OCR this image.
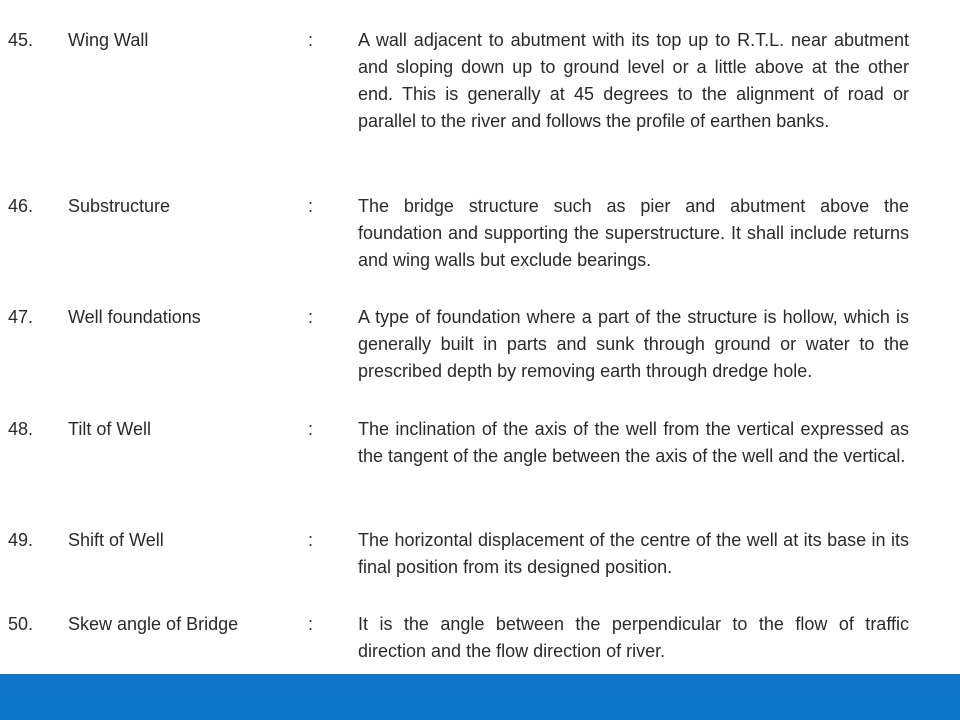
45. Wing Wall	: A wall adjacent to abutment with its top up to R.T.L. near abutment and sloping down up to ground level or a little above at the other end. This is generally at 45 degrees to the alignment of road or parallel to the river and follows the profile of earthen banks.
46. Substructure	: The bridge structure such as pier and abutment above the foundation and supporting the superstructure. It shall include returns and wing walls but exclude bearings.
47. Well foundations	: A type of foundation where a part of the structure is hollow, which is generally built in parts and sunk through ground or water to the prescribed depth by removing earth through dredge hole.
48. Tilt of Well	: The inclination of the axis of the well from the vertical expressed as the tangent of the angle between the axis of the well and the vertical.
49. Shift of Well	: The horizontal displacement of the centre of the well at its base in its final position from its designed position.
50. Skew angle of Bridge	: It is the angle between the perpendicular to the flow of traffic direction and the flow direction of river.
